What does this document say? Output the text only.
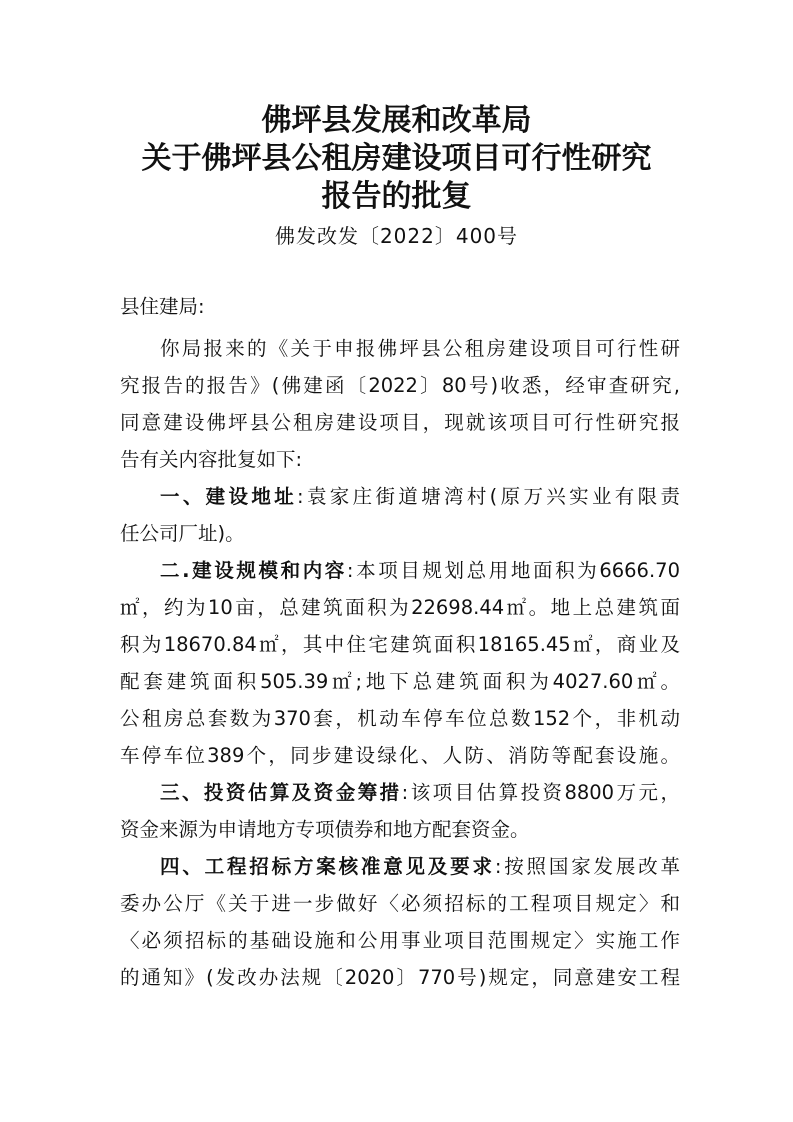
佛坪县发展和改革局
关于佛坪县公租房建设项目可行性研究
报告的批复
佛发改发〔2022〕400号
县住建局:
你局报来的《关于申报佛坪县公租房建设项目可行性研
究报告的报告》(佛建函〔2022〕80号)收悉，经审查研究,
同意建设佛坪县公租房建设项目，现就该项目可行性研究报
告有关内容批复如下:
一、建设地址:袁家庄街道塘湾村(原万兴实业有限责
任公司厂址)。
二.建设规模和内容:本项目规划总用地面积为6666.70
㎡，约为10亩，总建筑面积为22698.44㎡。地上总建筑面
积为18670.84㎡，其中住宅建筑面积18165.45㎡，商业及
配套建筑面积505.39㎡;地下总建筑面积为4027.60㎡。
公租房总套数为370套，机动车停车位总数152个，非机动
车停车位389个，同步建设绿化、人防、消防等配套设施。
三、投资估算及资金筹措:该项目估算投资8800万元，
资金来源为申请地方专项债券和地方配套资金。
四、工程招标方案核准意见及要求:按照国家发展改革
委办公厅《关于进一步做好〈必须招标的工程项目规定〉和
〈必须招标的基础设施和公用事业项目范围规定〉实施工作
的通知》(发改办法规〔2020〕770号)规定，同意建安工程
